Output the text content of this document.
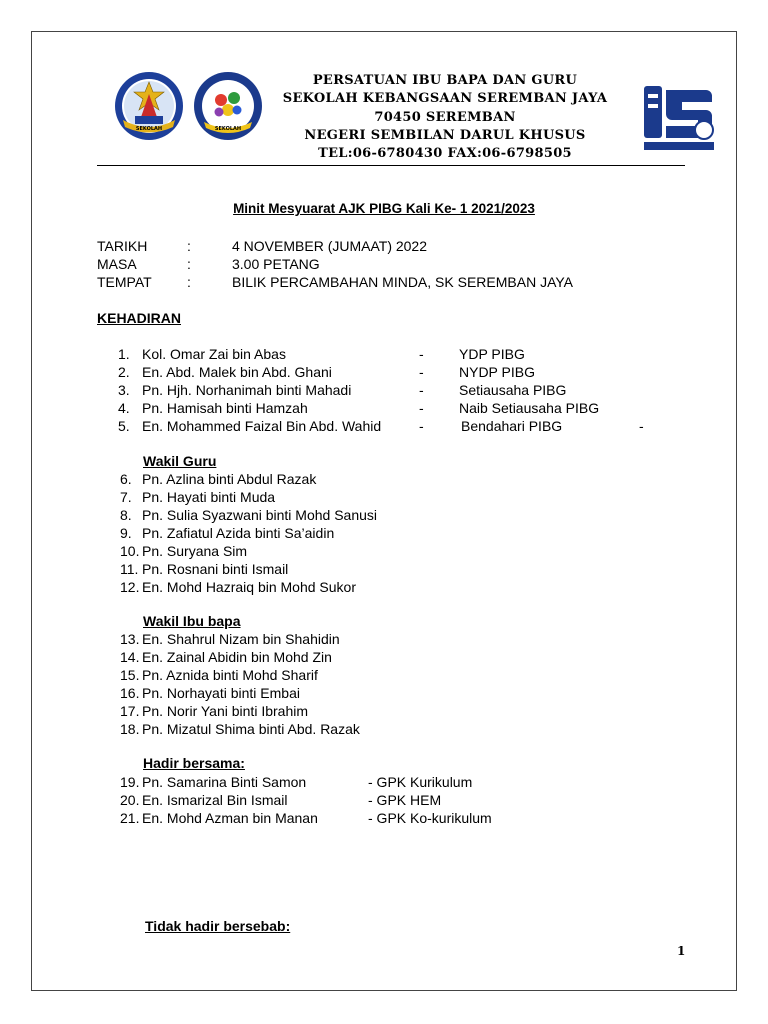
SEKOLAH	SEKOLAH
PERSATUAN IBU BAPA DAN GURU
SEKOLAH KEBANGSAAN SEREMBAN JAYA
70450 SEREMBAN
NEGERI SEMBILAN DARUL KHUSUS
TEL:06-6780430 FAX:06-6798505
Minit Mesyuarat AJK PIBG Kali Ke- 1 2021/2023
TARIKH	:	4 NOVEMBER (JUMAAT) 2022
MASA	:	3.00 PETANG
TEMPAT	:	BILIK PERCAMBAHAN MINDA, SK SEREMBAN JAYA
KEHADIRAN
1. Kol. Omar Zai bin Abas	-	YDP PIBG
2. En. Abd. Malek bin Abd. Ghani	-	NYDP PIBG
3. Pn. Hjh. Norhanimah binti Mahadi	-	Setiausaha PIBG
4. Pn. Hamisah binti Hamzah	-	Naib Setiausaha PIBG
5. En. Mohammed Faizal Bin Abd. Wahid	-	Bendahari PIBG	-
Wakil Guru
6. Pn. Azlina binti Abdul Razak
7. Pn. Hayati binti Muda
8. Pn. Sulia Syazwani binti Mohd Sanusi
9. Pn. Zafiatul Azida binti Sa’aidin
10. Pn. Suryana Sim
11. Pn. Rosnani binti Ismail
12. En. Mohd Hazraiq bin Mohd Sukor
Wakil Ibu bapa
13. En. Shahrul Nizam bin Shahidin
14. En. Zainal Abidin bin Mohd Zin
15. Pn. Aznida binti Mohd Sharif
16. Pn. Norhayati binti Embai
17. Pn. Norir Yani binti Ibrahim
18. Pn. Mizatul Shima binti Abd. Razak
Hadir bersama:
19. Pn. Samarina Binti Samon	- GPK Kurikulum
20. En. Ismarizal Bin Ismail	- GPK HEM
21. En. Mohd Azman bin Manan	- GPK Ko-kurikulum
Tidak hadir bersebab:
1
